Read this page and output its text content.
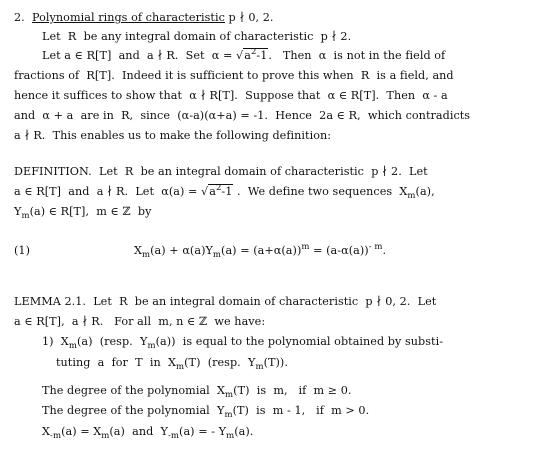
2. Polynomial rings of characteristic p ∤ 0, 2.
Let  R  be any integral domain of characteristic  p ∤ 2.
Let a ∈ R[T]  and  a ∤ R.  Set  $\alpha = √a^2-1$.   Then  α  is not in the field of
fractions of  R[T].  Indeed it is sufficient to prove this when  R  is a field, and
hence it suffices to show that  α ∤ R[T].  Suppose that  α ∈ R[T].  Then  α - a
and  α + a  are in  R,  since  (α-a)(α+a) = -1.  Hence  2a ∈ R,  which contradicts
a ∤ R.  This enables us to make the following definition:
DEFINITION.  Let  R  be an integral domain of characteristic  p ∤ 2.  Let
a ∈ R[T]  and  a ∤ R.  Let  $\alpha(a) = √a^2-1$ .  We define two sequences  $X_m(a)$,
$Y_m(a)$ ∈ R[T],  m ∈ ℤ  by
(1)	$X_m(a) + \alpha(a)Y_m(a) = (a+\alpha(a))^m = (a-\alpha(a))^{- m}$.
LEMMA 2.1.  Let  R  be an integral domain of characteristic  p ∤ 0, 2.  Let
a ∈ R[T],  a ∤ R.   For all  m, n ∈ ℤ  we have:
1)  $X_m(a)$  (resp.  $Y_m(a)$)  is equal to the polynomial obtained by substi-
tuting  a  for  T  in  $X_m(T)$  (resp.  $Y_m(T)$).
The degree of the polynomial  $X_m(T)$  is  m,   if  m ≥ 0.
The degree of the polynomial  $Y_m(T)$  is  m - 1,   if  m > 0.
$X_{-m}(a) = X_m(a)$  and  $Y_{-m}(a)$ = - $Y_m(a)$.
